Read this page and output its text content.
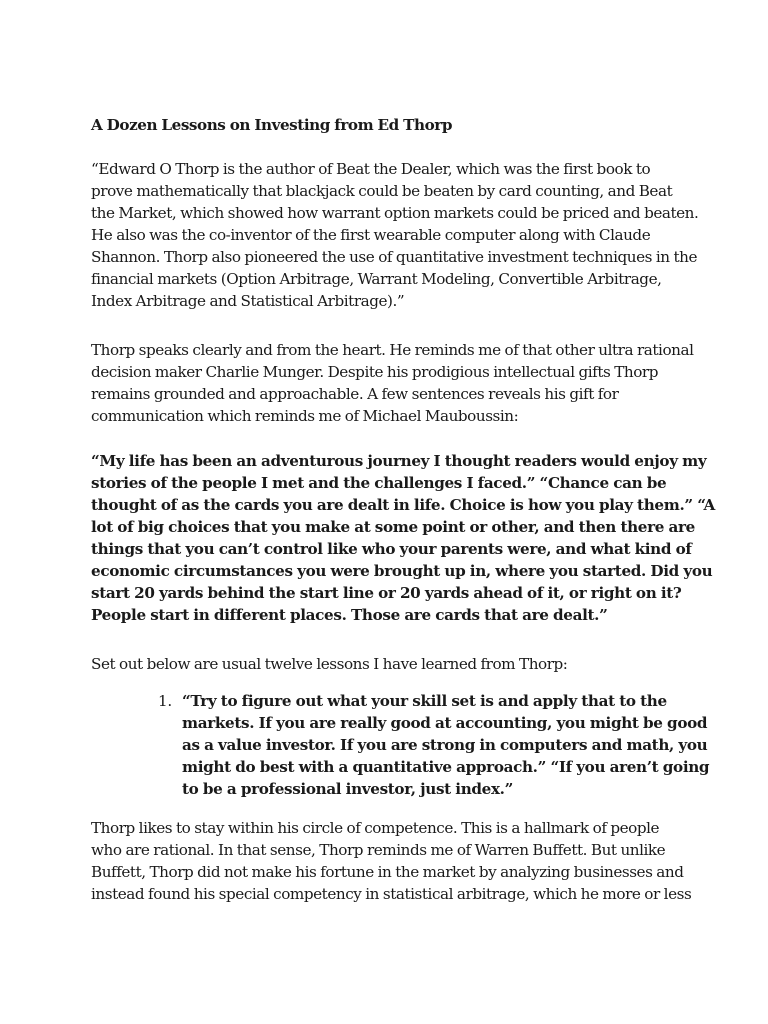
A Dozen Lessons on Investing from Ed Thorp
“Edward O Thorp is the author of Beat the Dealer, which was the first book to
prove mathematically that blackjack could be beaten by card counting, and Beat
the Market, which showed how warrant option markets could be priced and beaten.
He also was the co-inventor of the first wearable computer along with Claude
Shannon. Thorp also pioneered the use of quantitative investment techniques in the
financial markets (Option Arbitrage, Warrant Modeling, Convertible Arbitrage,
Index Arbitrage and Statistical Arbitrage).”
Thorp speaks clearly and from the heart. He reminds me of that other ultra rational
decision maker Charlie Munger. Despite his prodigious intellectual gifts Thorp
remains grounded and approachable. A few sentences reveals his gift for
communication which reminds me of Michael Mauboussin:
“My life has been an adventurous journey I thought readers would enjoy my
stories of the people I met and the challenges I faced.” “Chance can be
thought of as the cards you are dealt in life. Choice is how you play them.” “A
lot of big choices that you make at some point or other, and then there are
things that you can’t control like who your parents were, and what kind of
economic circumstances you were brought up in, where you started. Did you
start 20 yards behind the start line or 20 yards ahead of it, or right on it?
People start in different places. Those are cards that are dealt.”
Set out below are usual twelve lessons I have learned from Thorp:
1. “Try to figure out what your skill set is and apply that to the
markets. If you are really good at accounting, you might be good
as a value investor. If you are strong in computers and math, you
might do best with a quantitative approach.” “If you aren’t going
to be a professional investor, just index.”
Thorp likes to stay within his circle of competence. This is a hallmark of people
who are rational. In that sense, Thorp reminds me of Warren Buffett. But unlike
Buffett, Thorp did not make his fortune in the market by analyzing businesses and
instead found his special competency in statistical arbitrage, which he more or less
